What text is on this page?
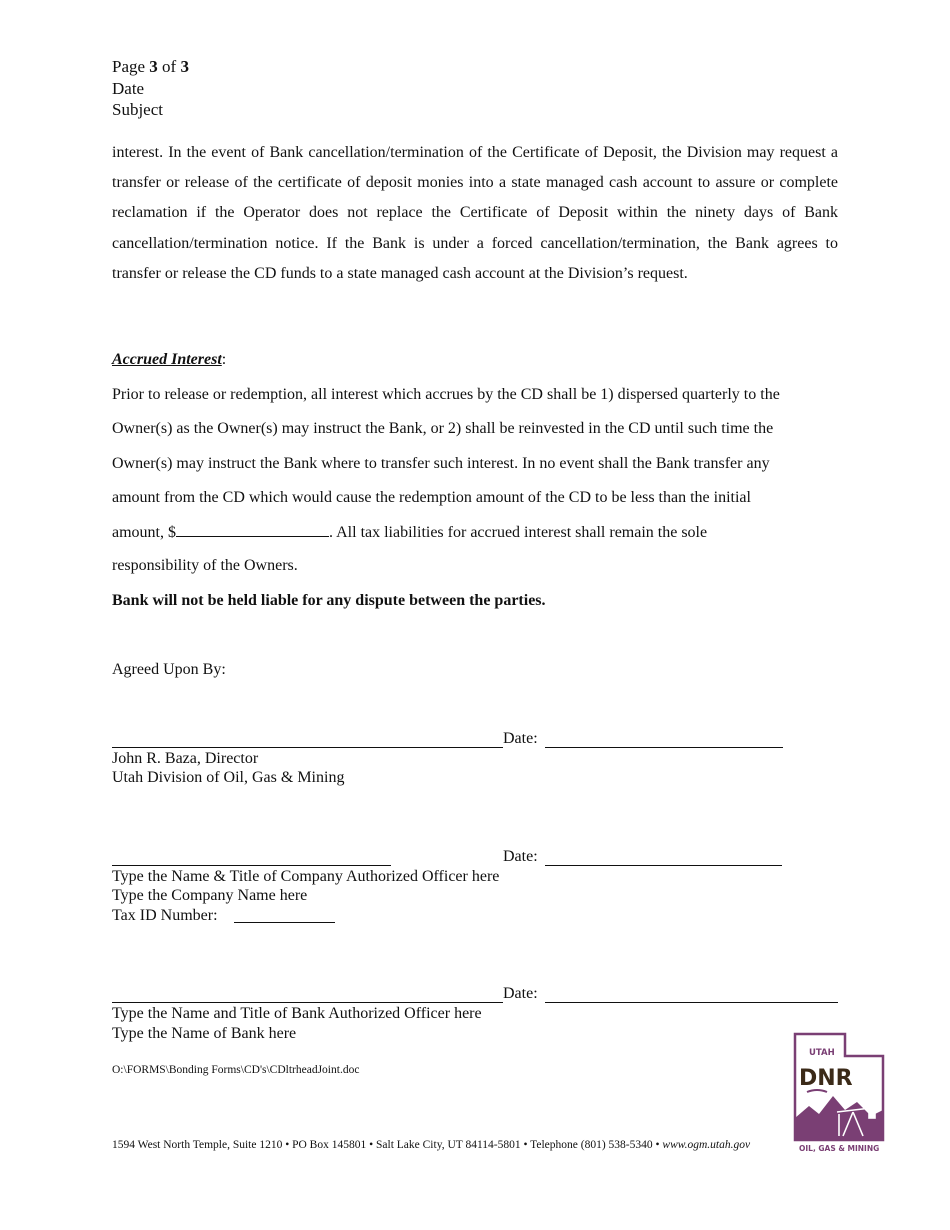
Page 3 of 3
Date
Subject
interest. In the event of Bank cancellation/termination of the Certificate of Deposit, the Division may request a transfer or release of the certificate of deposit monies into a state managed cash account to assure or complete reclamation if the Operator does not replace the Certificate of Deposit within the ninety days of Bank cancellation/termination notice. If the Bank is under a forced cancellation/termination, the Bank agrees to transfer or release the CD funds to a state managed cash account at the Division’s request.
Accrued Interest:
Prior to release or redemption, all interest which accrues by the CD shall be 1) dispersed quarterly to the
Owner(s) as the Owner(s) may instruct the Bank, or 2) shall be reinvested in the CD until such time the
Owner(s) may instruct the Bank where to transfer such interest. In no event shall the Bank transfer any
amount from the CD which would cause the redemption amount of the CD to be less than the initial
amount, $	. All tax liabilities for accrued interest shall remain the sole
responsibility of the Owners.
Bank will not be held liable for any dispute between the parties.
Agreed Upon By:
Date:
John R. Baza, Director
Utah Division of Oil, Gas & Mining
Date:
Type the Name & Title of Company Authorized Officer here
Type the Company Name here
Tax ID Number:
Date:
Type the Name and Title of Bank Authorized Officer here
Type the Name of Bank here
O:\FORMS\Bonding Forms\CD's\CDltrheadJoint.doc
1594 West North Temple, Suite 1210 • PO Box 145801 • Salt Lake City, UT 84114-5801 • Telephone (801) 538-5340 • www.ogm.utah.gov
DNR
UTAH
OIL, GAS & MINING
